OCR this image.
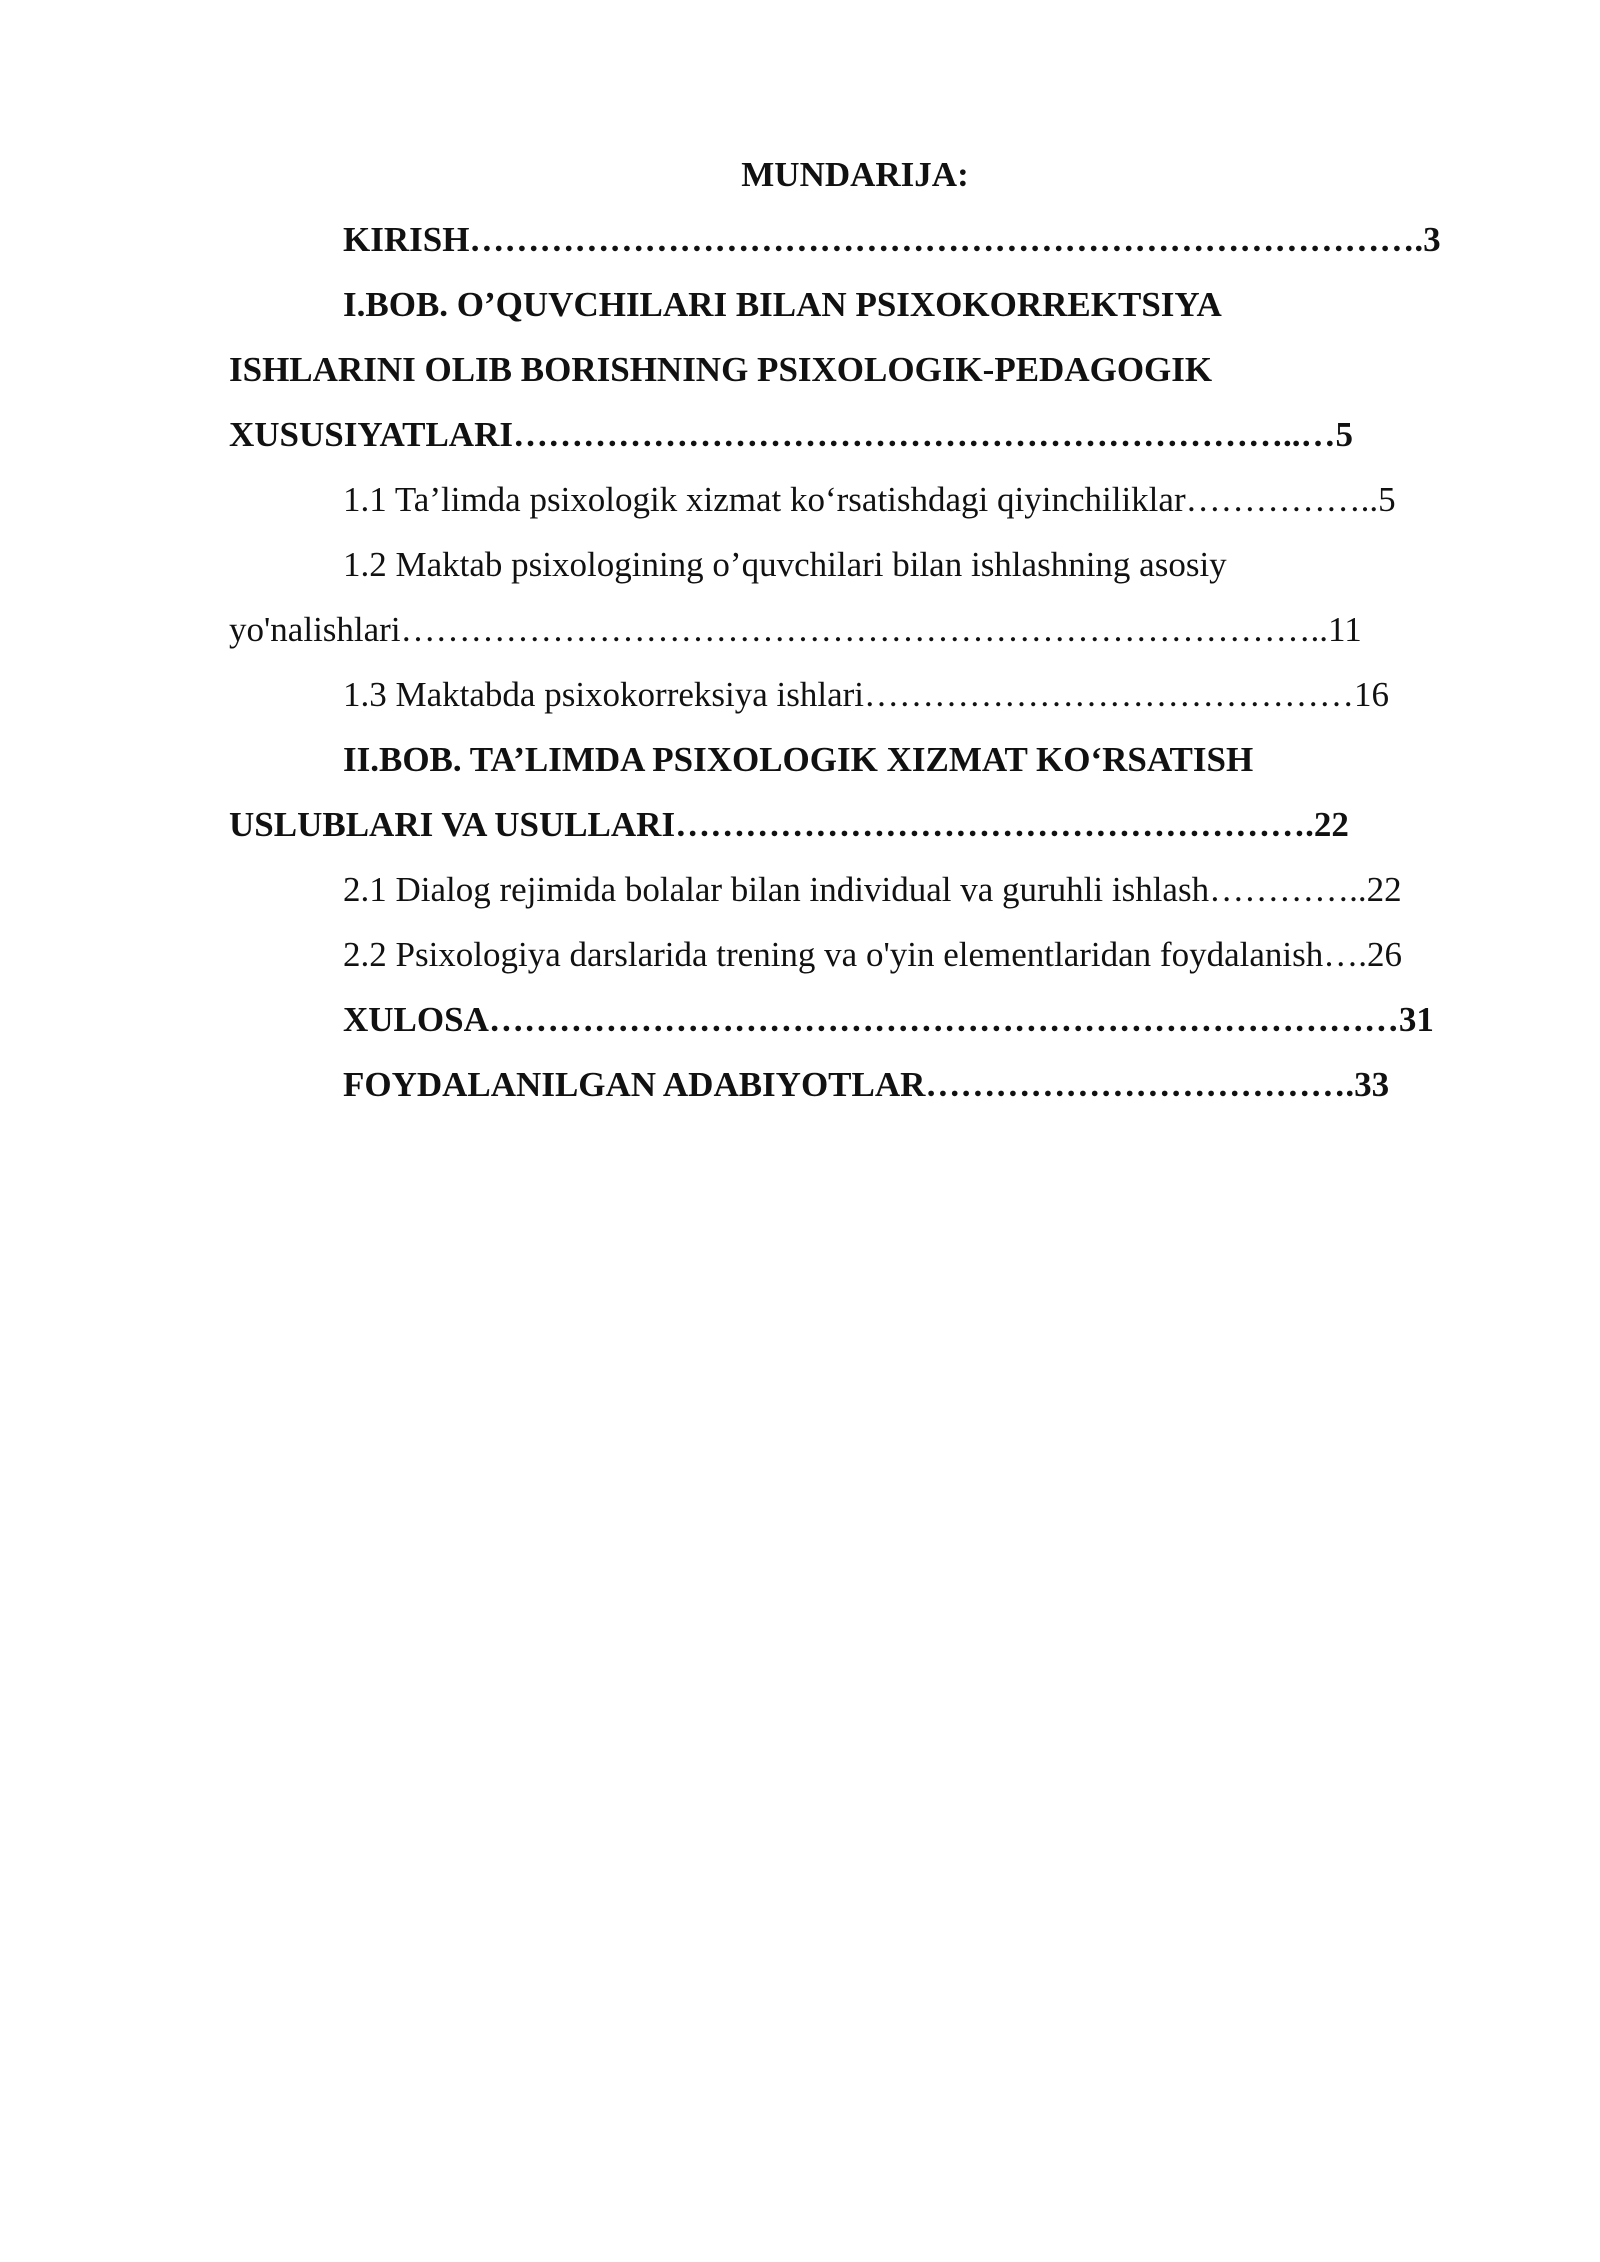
MUNDARIJA:
KIRISH……………………………………………………………………….3
I.BOB. O’QUVCHILARI BILAN PSIXOKORREKTSIYA
ISHLARINI OLIB BORISHNING PSIXOLOGIK-PEDAGOGIK
XUSUSIYATLARI…………………………………………………………..…5
1.1 Ta’limda psixologik xizmat koʻrsatishdagi qiyinchiliklar……………..5
1.2 Maktab psixologining o’quvchilari bilan ishlashning asosiy
yo'nalishlari……………………………………………………………………..11
1.3 Maktabda psixokorreksiya ishlari……………………………………16
II.BOB. TA’LIMDA PSIXOLOGIK XIZMAT KOʻRSATISH
USLUBLARI VA USULLARI……………………………………………….22
2.1 Dialog rejimida bolalar bilan individual va guruhli ishlash…………..22
2.2 Psixologiya darslarida trening va o'yin elementlaridan foydalanish….26
XULOSA……………………………………………………………………31
FOYDALANILGAN ADABIYOTLAR……………………………….33
